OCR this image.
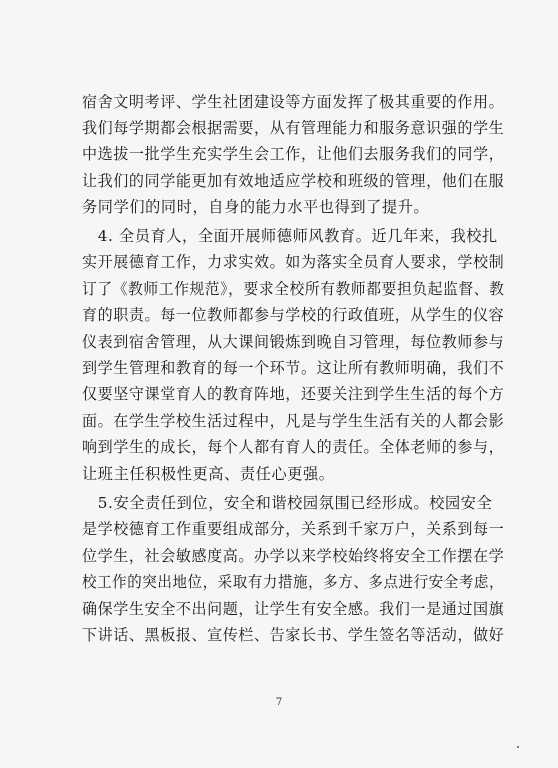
宿舍文明考评、学生社团建设等方面发挥了极其重要的作用。
我们每学期都会根据需要，从有管理能力和服务意识强的学生
中选拔一批学生充实学生会工作，让他们去服务我们的同学，
让我们的同学能更加有效地适应学校和班级的管理，他们在服
务同学们的同时，自身的能力水平也得到了提升。
　4. 全员育人，全面开展师德师风教育。近几年来，我校扎
实开展德育工作，力求实效。如为落实全员育人要求，学校制
订了《教师工作规范》，要求全校所有教师都要担负起监督、教
育的职责。每一位教师都参与学校的行政值班，从学生的仪容
仪表到宿舍管理，从大课间锻炼到晚自习管理，每位教师参与
到学生管理和教育的每一个环节。这让所有教师明确，我们不
仅要坚守课堂育人的教育阵地，还要关注到学生生活的每个方
面。在学生学校生活过程中，凡是与学生生活有关的人都会影
响到学生的成长，每个人都有育人的责任。全体老师的参与，
让班主任积极性更高、责任心更强。
　5.安全责任到位，安全和谐校园氛围已经形成。校园安全
是学校德育工作重要组成部分，关系到千家万户，关系到每一
位学生，社会敏感度高。办学以来学校始终将安全工作摆在学
校工作的突出地位，采取有力措施，多方、多点进行安全考虑，
确保学生安全不出问题，让学生有安全感。我们一是通过国旗
下讲话、黑板报、宣传栏、告家长书、学生签名等活动，做好
7
